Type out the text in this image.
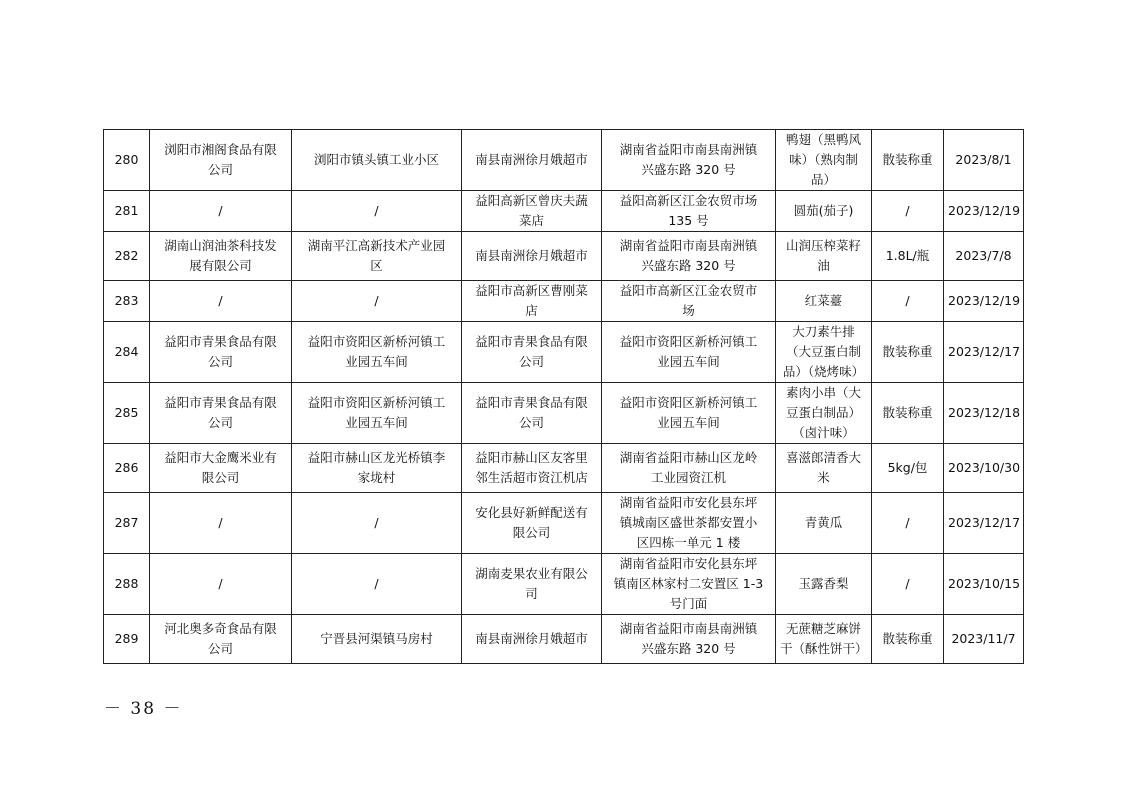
280	浏阳市湘阁食品有限
公司	浏阳市镇头镇工业小区	南县南洲徐月娥超市	湖南省益阳市南县南洲镇
兴盛东路 320 号	鸭翅（黑鸭风
味）（熟肉制
品）	散装称重	2023/8/1

281	/	/	益阳高新区曾庆夫蔬
菜店	益阳高新区江金农贸市场
135 号	圆茄(茄子)	/	2023/12/19

282	湖南山润油茶科技发
展有限公司	湖南平江高新技术产业园
区	南县南洲徐月娥超市	湖南省益阳市南县南洲镇
兴盛东路 320 号	山润压榨菜籽
油	1.8L/瓶	2023/7/8

283	/	/	益阳市高新区曹刚菜
店	益阳市高新区江金农贸市
场	红菜薹	/	2023/12/19

284	益阳市青果食品有限
公司	益阳市资阳区新桥河镇工
业园五车间	益阳市青果食品有限
公司	益阳市资阳区新桥河镇工
业园五车间	大刀素牛排
（大豆蛋白制
品）（烧烤味）	散装称重	2023/12/17

285	益阳市青果食品有限
公司	益阳市资阳区新桥河镇工
业园五车间	益阳市青果食品有限
公司	益阳市资阳区新桥河镇工
业园五车间	素肉小串（大
豆蛋白制品）
（卤汁味）	散装称重	2023/12/18

286	益阳市大金鹰米业有
限公司	益阳市赫山区龙光桥镇李
家垅村	益阳市赫山区友客里
邻生活超市资江机店	湖南省益阳市赫山区龙岭
工业园资江机	喜滋郎清香大
米	5kg/包	2023/10/30

287	/	/	安化县好新鲜配送有
限公司	湖南省益阳市安化县东坪
镇城南区盛世茶都安置小
区四栋一单元 1 楼	青黄瓜	/	2023/12/17

288	/	/	湖南麦果农业有限公
司	湖南省益阳市安化县东坪
镇南区林家村二安置区 1-3
号门面	玉露香梨	/	2023/10/15

289	河北奥多奇食品有限
公司	宁晋县河渠镇马房村	南县南洲徐月娥超市	湖南省益阳市南县南洲镇
兴盛东路 320 号	无蔗糖芝麻饼
干（酥性饼干）	散装称重	2023/11/7
－ 38 －
